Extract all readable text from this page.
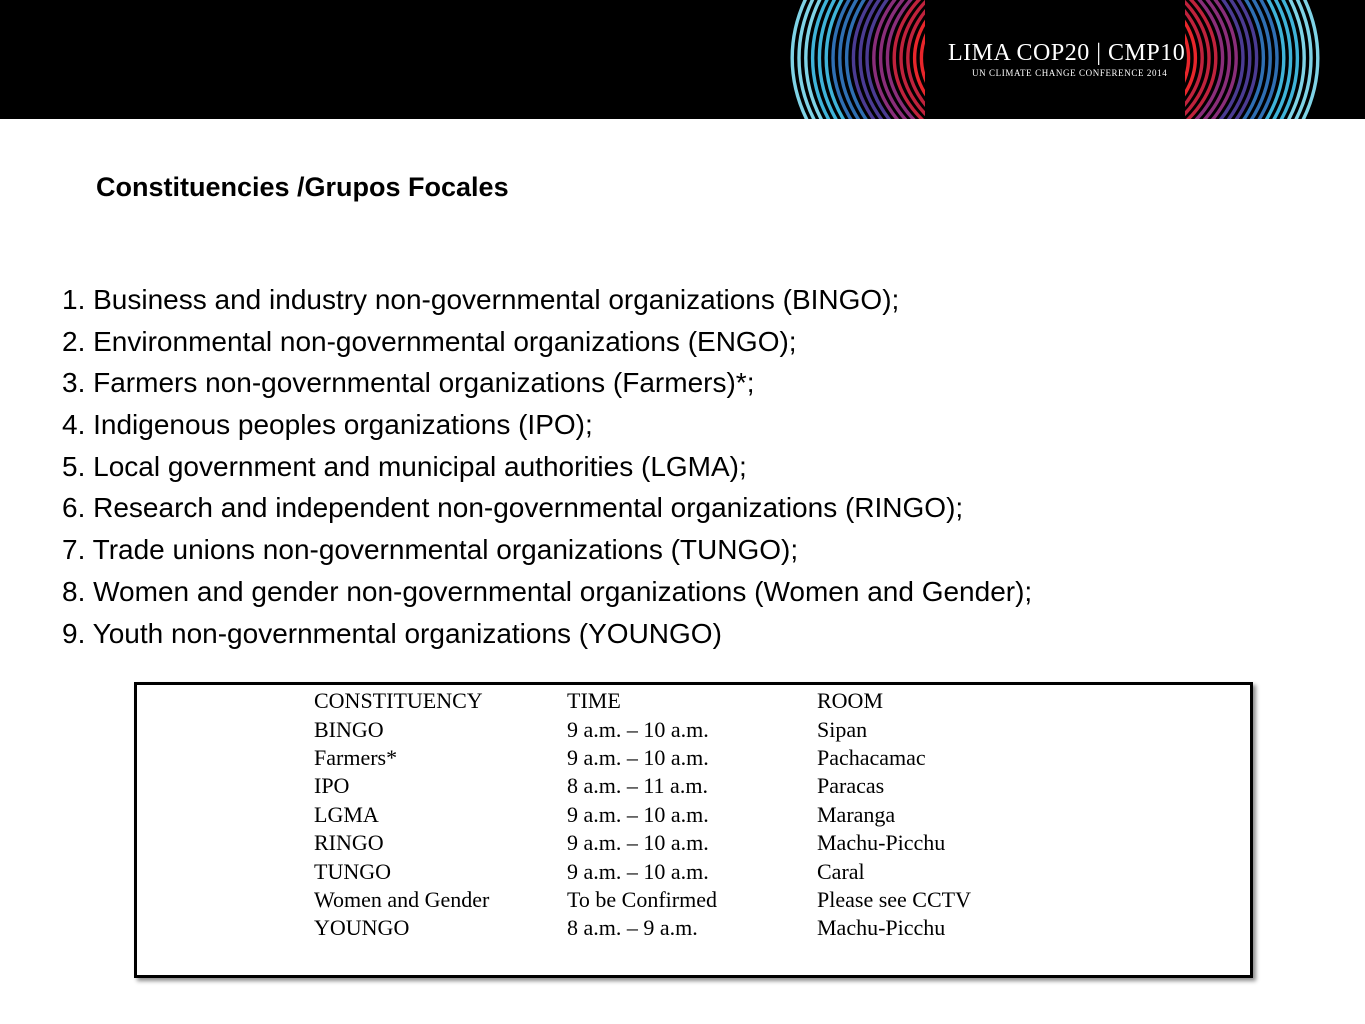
LIMA COP20 | CMP10
UN CLIMATE CHANGE CONFERENCE 2014
Constituencies /Grupos Focales
1. Business and industry non-governmental organizations (BINGO);
2. Environmental non-governmental organizations (ENGO);
3. Farmers non-governmental organizations (Farmers)*;
4. Indigenous peoples organizations (IPO);
5. Local government and municipal authorities (LGMA);
6. Research and independent non-governmental organizations (RINGO);
7. Trade unions non-governmental organizations (TUNGO);
8. Women and gender non-governmental organizations (Women and Gender);
9. Youth non-governmental organizations (YOUNGO)
CONSTITUENCY	TIME	ROOM
BINGO	9 a.m. – 10 a.m.	Sipan
Farmers*	9 a.m. – 10 a.m.	Pachacamac
IPO	8 a.m. – 11 a.m.	Paracas
LGMA	9 a.m. – 10 a.m.	Maranga
RINGO	9 a.m. – 10 a.m.	Machu-Picchu
TUNGO	9 a.m. – 10 a.m.	Caral
Women and Gender	To be Confirmed	Please see CCTV
YOUNGO	8 a.m. – 9 a.m.	Machu-Picchu
